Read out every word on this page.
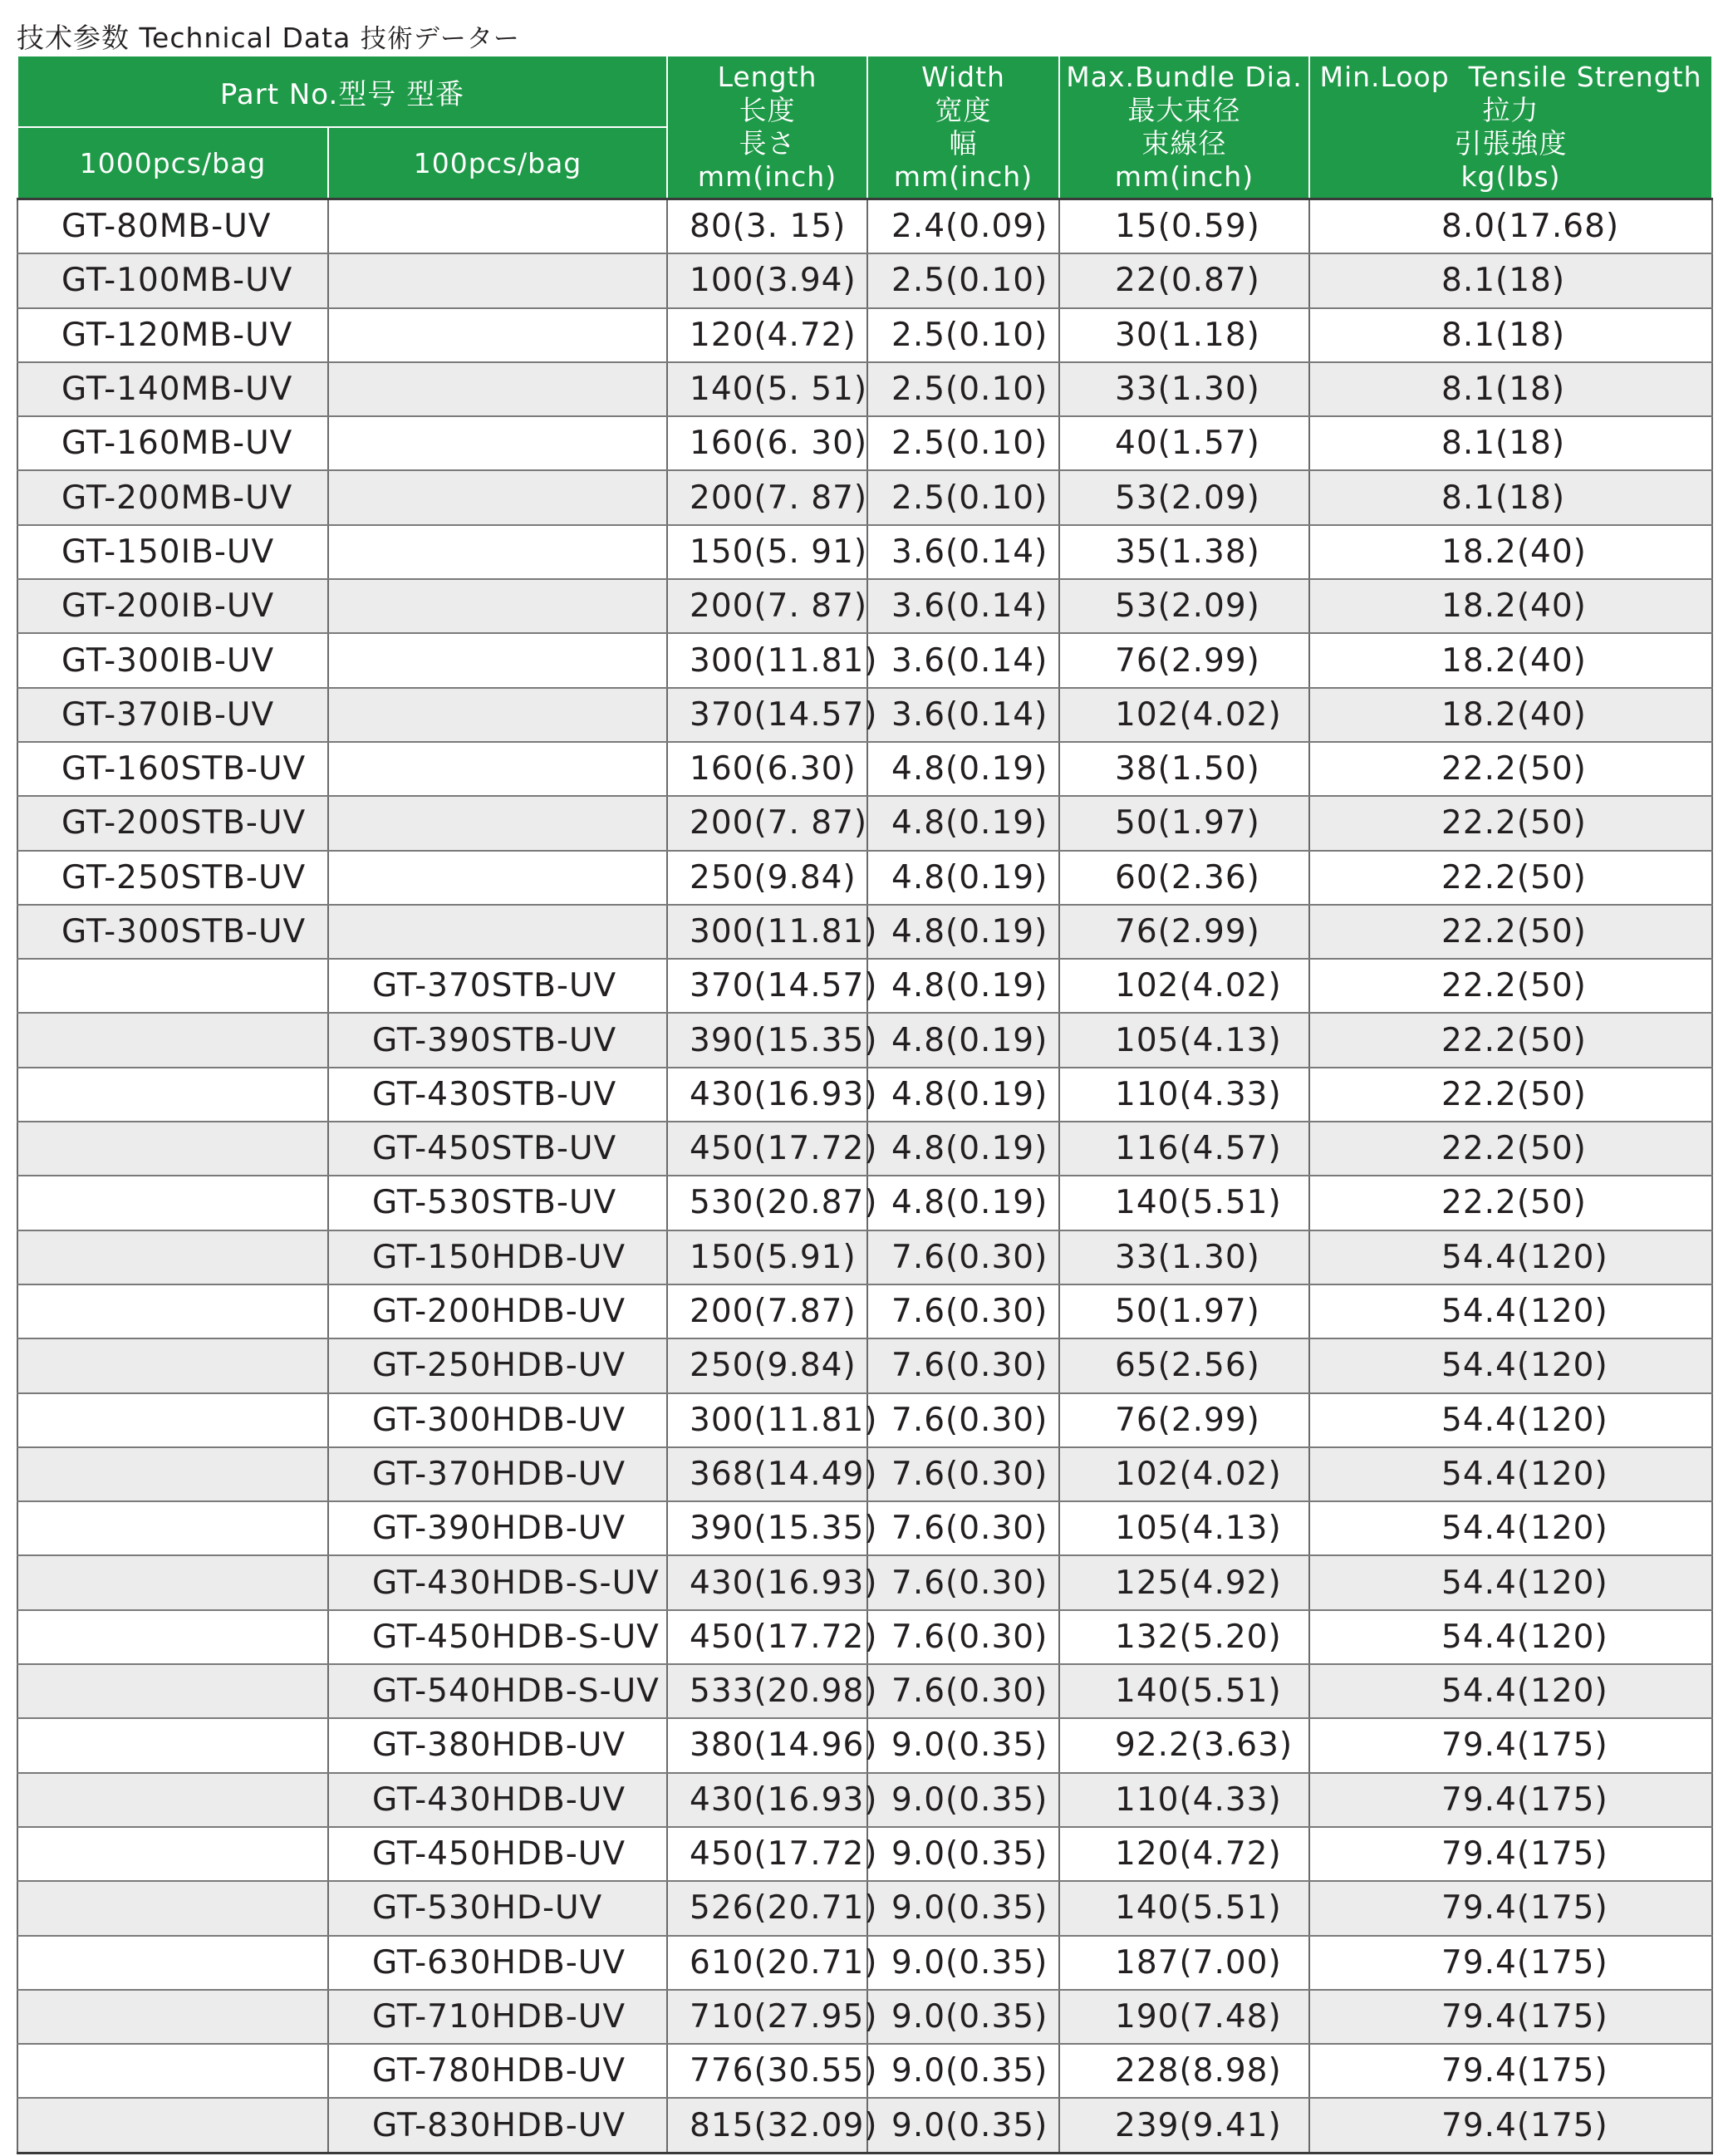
技术参数 Technical Data 技術データー
Part No.型号 型番		Length
长度
長さ
mm(inch)	Width
宽度
幅
mm(inch)	Max.Bundle Dia.
最大束径
束線径
mm(inch)	Min.Loop  Tensile Strength
拉力
引張強度
kg(lbs)

1000pcs/bag	100pcs/bag				
GT-80MB-UV		80(3. 15)	2.4(0.09)	15(0.59)	8.0(17.68)
GT-100MB-UV		100(3.94)	2.5(0.10)	22(0.87)	8.1(18)
GT-120MB-UV		120(4.72)	2.5(0.10)	30(1.18)	8.1(18)
GT-140MB-UV		140(5. 51)	2.5(0.10)	33(1.30)	8.1(18)
GT-160MB-UV		160(6. 30)	2.5(0.10)	40(1.57)	8.1(18)
GT-200MB-UV		200(7. 87)	2.5(0.10)	53(2.09)	8.1(18)
GT-150IB-UV		150(5. 91)	3.6(0.14)	35(1.38)	18.2(40)
GT-200IB-UV		200(7. 87)	3.6(0.14)	53(2.09)	18.2(40)
GT-300IB-UV		300(11.81)	3.6(0.14)	76(2.99)	18.2(40)
GT-370IB-UV		370(14.57)	3.6(0.14)	102(4.02)	18.2(40)
GT-160STB-UV		160(6.30)	4.8(0.19)	38(1.50)	22.2(50)
GT-200STB-UV		200(7. 87)	4.8(0.19)	50(1.97)	22.2(50)
GT-250STB-UV		250(9.84)	4.8(0.19)	60(2.36)	22.2(50)
GT-300STB-UV		300(11.81)	4.8(0.19)	76(2.99)	22.2(50)
	GT-370STB-UV	370(14.57)	4.8(0.19)	102(4.02)	22.2(50)
	GT-390STB-UV	390(15.35)	4.8(0.19)	105(4.13)	22.2(50)
	GT-430STB-UV	430(16.93)	4.8(0.19)	110(4.33)	22.2(50)
	GT-450STB-UV	450(17.72)	4.8(0.19)	116(4.57)	22.2(50)
	GT-530STB-UV	530(20.87)	4.8(0.19)	140(5.51)	22.2(50)
	GT-150HDB-UV	150(5.91)	7.6(0.30)	33(1.30)	54.4(120)
	GT-200HDB-UV	200(7.87)	7.6(0.30)	50(1.97)	54.4(120)
	GT-250HDB-UV	250(9.84)	7.6(0.30)	65(2.56)	54.4(120)
	GT-300HDB-UV	300(11.81)	7.6(0.30)	76(2.99)	54.4(120)
	GT-370HDB-UV	368(14.49)	7.6(0.30)	102(4.02)	54.4(120)
	GT-390HDB-UV	390(15.35)	7.6(0.30)	105(4.13)	54.4(120)
	GT-430HDB-S-UV	430(16.93)	7.6(0.30)	125(4.92)	54.4(120)
	GT-450HDB-S-UV	450(17.72)	7.6(0.30)	132(5.20)	54.4(120)
	GT-540HDB-S-UV	533(20.98)	7.6(0.30)	140(5.51)	54.4(120)
	GT-380HDB-UV	380(14.96)	9.0(0.35)	92.2(3.63)	79.4(175)
	GT-430HDB-UV	430(16.93)	9.0(0.35)	110(4.33)	79.4(175)
	GT-450HDB-UV	450(17.72)	9.0(0.35)	120(4.72)	79.4(175)
	GT-530HD-UV	526(20.71)	9.0(0.35)	140(5.51)	79.4(175)
	GT-630HDB-UV	610(20.71)	9.0(0.35)	187(7.00)	79.4(175)
	GT-710HDB-UV	710(27.95)	9.0(0.35)	190(7.48)	79.4(175)
	GT-780HDB-UV	776(30.55)	9.0(0.35)	228(8.98)	79.4(175)
	GT-830HDB-UV	815(32.09)	9.0(0.35)	239(9.41)	79.4(175)
